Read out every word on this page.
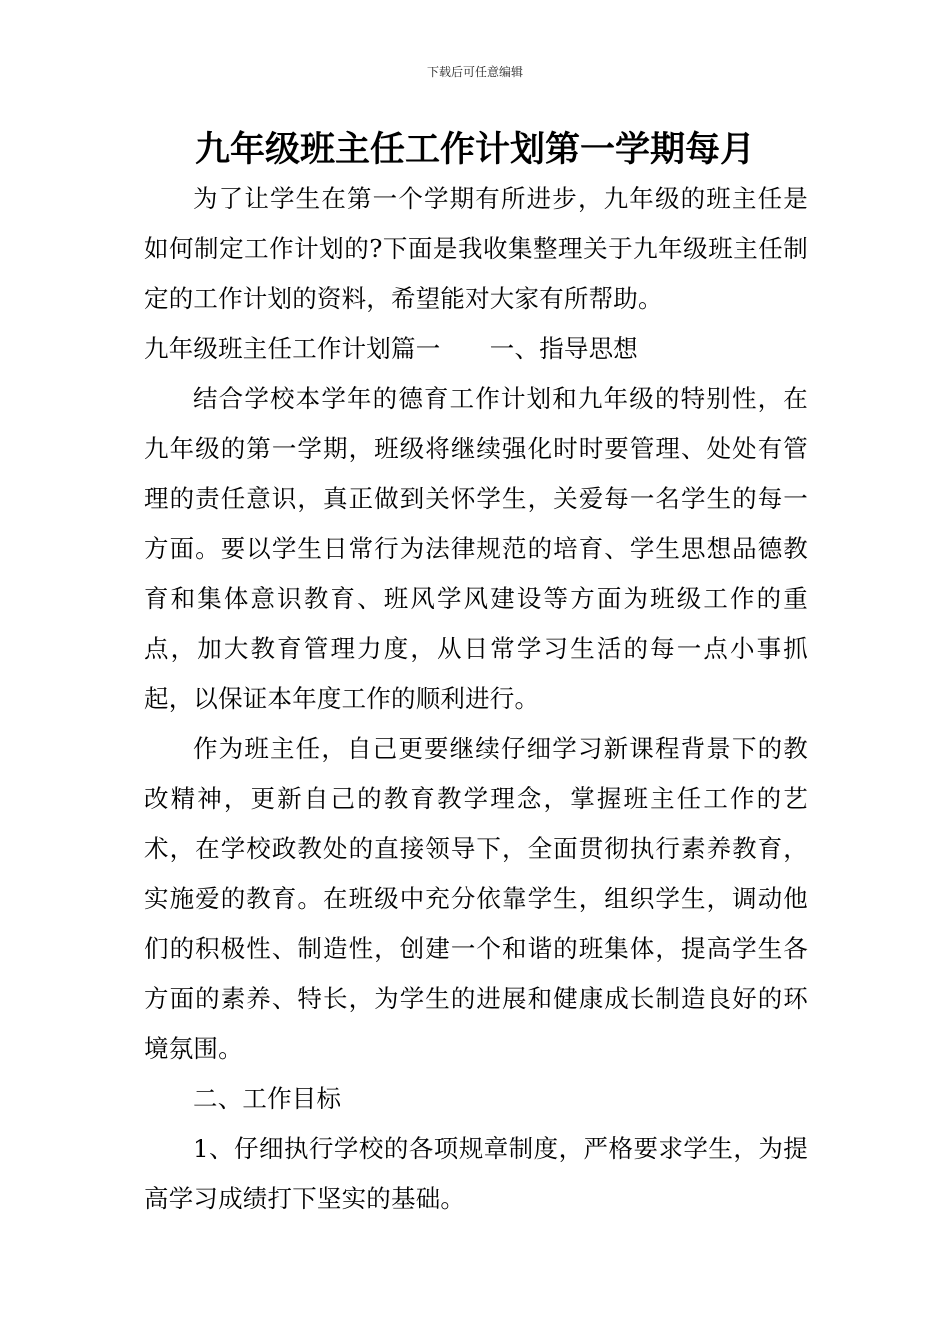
下载后可任意编辑
九年级班主任工作计划第一学期每月

为了让学生在第一个学期有所进步，九年级的班主任是如何制定工作计划的?下面是我收集整理关于九年级班主任制定的工作计划的资料，希望能对大家有所帮助。

九年级班主任工作计划篇一　　一、指导思想

结合学校本学年的德育工作计划和九年级的特别性，在九年级的第一学期，班级将继续强化时时要管理、处处有管理的责任意识，真正做到关怀学生，关爱每一名学生的每一方面。要以学生日常行为法律规范的培育、学生思想品德教育和集体意识教育、班风学风建设等方面为班级工作的重点，加大教育管理力度，从日常学习生活的每一点小事抓起，以保证本年度工作的顺利进行。

作为班主任，自己更要继续仔细学习新课程背景下的教改精神，更新自己的教育教学理念，掌握班主任工作的艺术，在学校政教处的直接领导下，全面贯彻执行素养教育，实施爱的教育。在班级中充分依靠学生，组织学生，调动他们的积极性、制造性，创建一个和谐的班集体，提高学生各方面的素养、特长，为学生的进展和健康成长制造良好的环境氛围。

二、工作目标

1、仔细执行学校的各项规章制度，严格要求学生，为提高学习成绩打下坚实的基础。
